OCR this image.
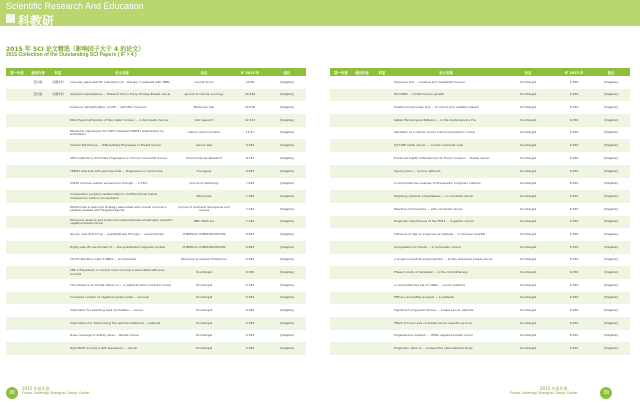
Scientific Research And Education
科教研
2015 年 SCI 论文精选（影响因子大于 4 的论文）
2015 Collection of the Outstanding SCI Papers ( IF > 4 )
第一作者	通讯作者	科室	论文名称	杂志	IF 2015 年	备注
	邵志敏	乳腺外科	Clinically gene-specific interaction of... therapy in patients with TNBC	Lancet Oncol	24.69	[Illegible]
	邵志敏	乳腺外科	Adjuvant capecitabine ... Phase III trial in Early Chinese Breast cancer	Journal of clinical oncology	18.428	[Illegible]
			Enhancer Demethylation of LPP ... with ER+ tumours	Molecular Cell	14.018	[Illegible]
			DNA Hypermethylation of Pancreatic tumour ... in Pancreatic Cancer	Cell research	12.413	[Illegible]
			Molecular mechanism for USP7 mediated DNMT1 stabilization by acetylation	nature communication	11.47	[Illegible]
			Cellular Membrane ... Differentially Expressed in Breast Cancer	Cancer Res	9.329	[Illegible]
			SHTC Deficiency Promotes Progression in Human Colorectal Cancer	Clinical Cancer Research	8.722	[Illegible]
			TREM1 interacts with genome-wide ... Progression in Carcinoma	Oncogene	8.459	[Illegible]
			USP22 Induces cellular senescence through ... in HCC	Journal of pathology	7.429	[Illegible]
			Composition property relationships in multifunctional hollow mesoporous carbon nanosystems	Nanoscale	7.394	[Illegible]
			Multiformat screening's strategy associated with overall survival in patients treated with targeted agents	Journal of Cachexia Sarcopenia and muscle	7.315	[Illegible]
			Molecular essence and endocrine responsiveness of estrogen receptor-negative breast cancer	BMC Medicine	7.249	[Illegible]
			Glycan cells that bring ... quantitatively through ... nanoparticles	CHEMICAL COMMUNICATIONS	6.834	[Illegible]
			Highly specific enrichment of ... the synthesized magnetic probes	CHEMICAL COMMUNICATIONS	6.834	[Illegible]
			The Proliferation Cells 3-ABR2 ... as biomarker	Molecular & Cellular Proteomics	6.564	[Illegible]
			CNF 1 Expression in normal colon mucosa is associated with poor survival	Oncotarget	6.359	[Illegible]
			The influence of mental status on ... in patients with colorectal cancer	Oncotarget	6.359	[Illegible]
			Increased number of negative lymph nodes ... survival	Oncotarget	6.359	[Illegible]
			Implication for selecting best candidates ... cancer	Oncotarget	6.359	[Illegible]
			Implications for determining the optimal treatment ... patients	Oncotarget	6.359	[Illegible]
			Dose coverage of axillary level ... Breast cancer	Oncotarget	6.359	[Illegible]
			High EGFR and low p-AKT expression ... cancer	Oncotarget	6.359	[Illegible]
第一作者	通讯作者	科室	论文名称	杂志	IF 2015 年	备注
			Tolerance and ... Invasive and metastatic tumour	Oncotarget	6.359	[Illegible]
			MicroRNA ... inhibit tumour growth	Oncotarget	6.359	[Illegible]
			Treatment outcomes and ... of clinical and radiation-based	Oncotarget	6.359	[Illegible]
			Salted Etymological Patterns ... in the Contemporary Era	Oncotarget	6.359	[Illegible]
			Validation of a radical cancer outcome prediction model	Oncotarget	6.359	[Illegible]
			TyTI-DNI rectal cancer ... normal colorectal cells	Oncotarget	6.359	[Illegible]
			Enhanced Depth of Rectal Cancer Tumor Invasion ... Rectal cancer	Oncotarget	6.359	[Illegible]
			Synonymous ... tumour patients	Oncotarget	6.359	[Illegible]
			A comprehensive analysis of therapeutic prognosis markers	Oncotarget	6.359	[Illegible]
			Targeting cytosolic phosphatase ... in colorectal cancer	Oncotarget	6.359	[Illegible]
			Reactive chromosome ... with colorectal cancer	Oncotarget	6.359	[Illegible]
			Prognostic significance of the TM23 ... in gastric cancer	Oncotarget	6.359	[Illegible]
			Influence of age on prognosis of patients ... in Chinese hospital	Oncotarget	6.359	[Illegible]
			Upregulation of COLAS ... in pancreatic cancer	Oncotarget	6.359	[Illegible]
			A single nucleotide polymorphism ... locally advanced breast cancer	Oncotarget	6.359	[Illegible]
			Phase II study of docetaxel ... in the chemotherapy	Oncotarget	6.359	[Illegible]
			A comprehensive set of mRNA ... cancer patients	Oncotarget	6.359	[Illegible]
			Efficacy and safety analysis ... in patients	Oncotarget	6.359	[Illegible]
			Significant prognostic factors ... breast cancer patients	Oncotarget	6.359	[Illegible]
			Effect of tumor size on breast cancer specific survival	Oncotarget	6.359	[Illegible]
			Progesterone receptor ... HER2-negative breast cancer	Oncotarget	6.359	[Illegible]
			Prognostic value of ... prospective observational study	Oncotarget	6.359	[Illegible]
38
2015 年报年鉴
Fudan University Shanghai Cancer Center
2015 年报年鉴
Fudan University Shanghai Cancer Center	39
